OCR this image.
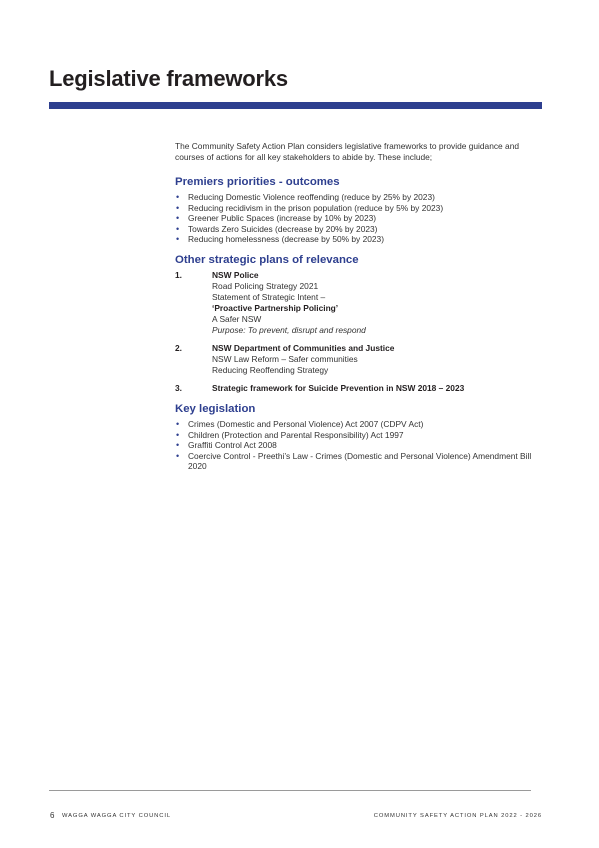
Legislative frameworks

The Community Safety Action Plan considers legislative frameworks to provide guidance and courses of actions for all key stakeholders to abide by. These include;

Premiers priorities - outcomes
• Reducing Domestic Violence reoffending (reduce by 25% by 2023)
• Reducing recidivism in the prison population (reduce by 5% by 2023)
• Greener Public Spaces (increase by 10% by 2023)
• Towards Zero Suicides (decrease by 20% by 2023)
• Reducing homelessness (decrease by 50% by 2023)
Other strategic plans of relevance
1.	NSW Police
Road Policing Strategy 2021
Statement of Strategic Intent –
‘Proactive Partnership Policing’
A Safer NSW
Purpose: To prevent, disrupt and respond
2.	NSW Department of Communities and Justice
NSW Law Reform – Safer communities
Reducing Reoffending Strategy
3.	Strategic framework for Suicide Prevention in NSW 2018 – 2023
Key legislation
• Crimes (Domestic and Personal Violence) Act 2007 (CDPV Act)
• Children (Protection and Parental Responsibility) Act 1997
• Graffiti Control Act 2008
• Coercive Control - Preethi’s Law - Crimes (Domestic and Personal Violence) Amendment Bill 2020
6 WAGGA WAGGA CITY COUNCIL	COMMUNITY SAFETY ACTION PLAN 2022 - 2026
